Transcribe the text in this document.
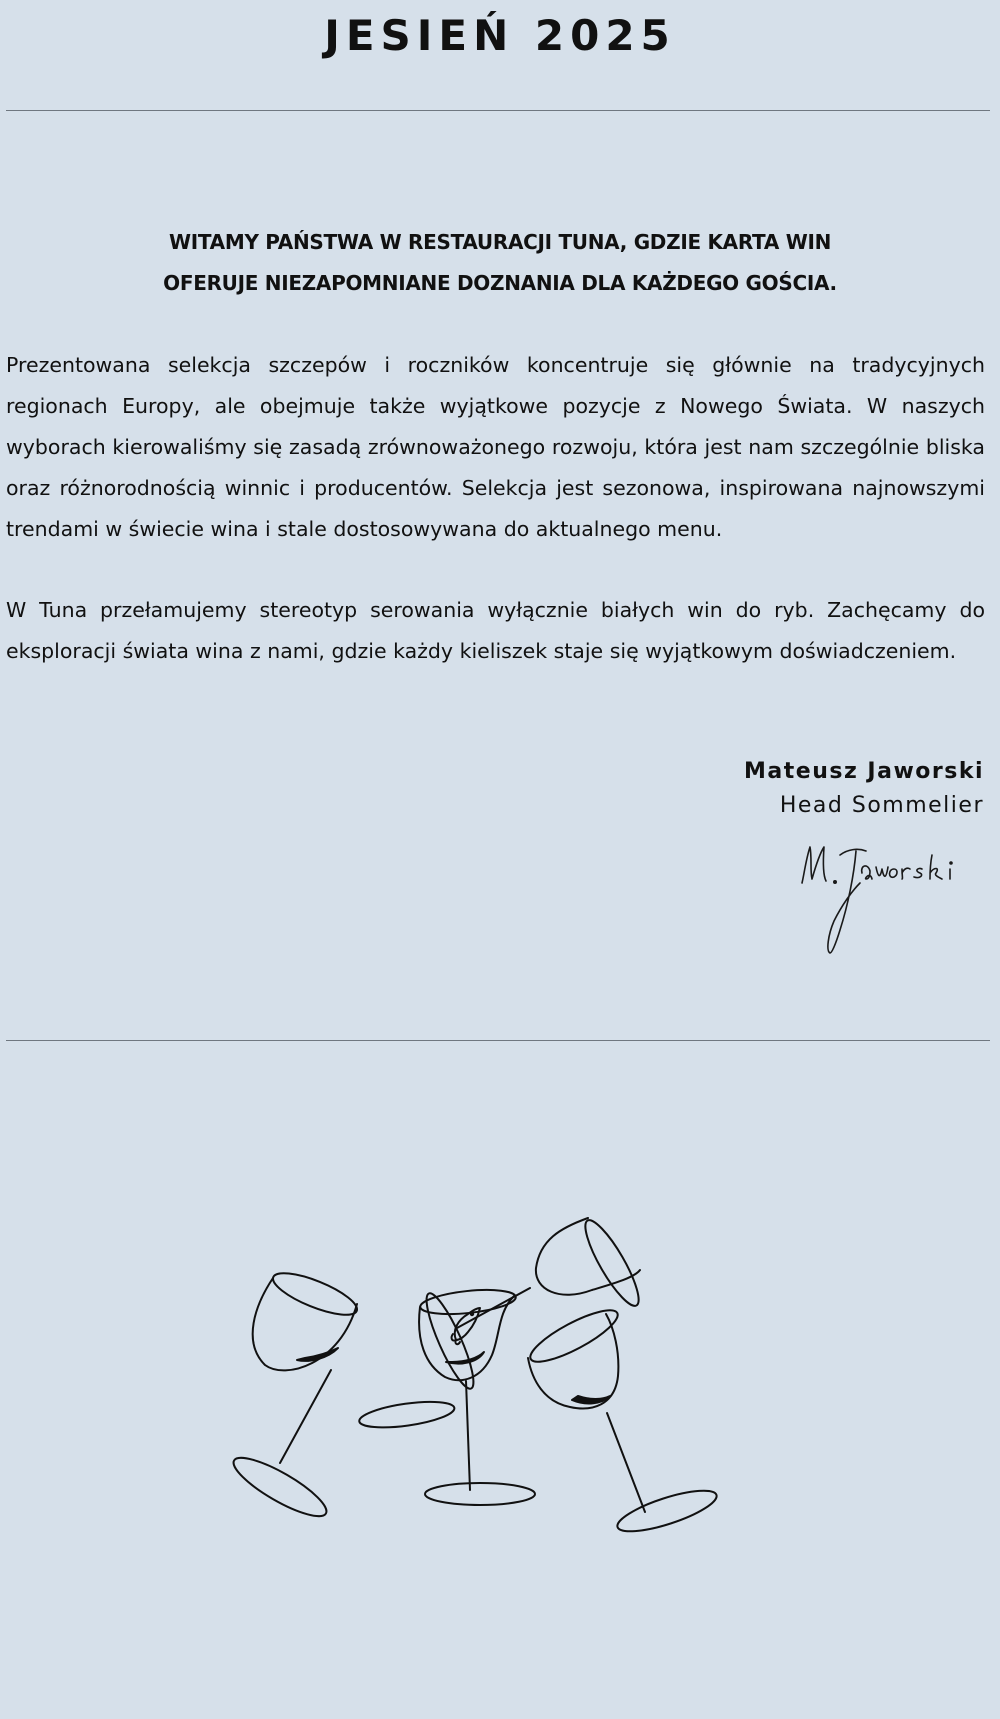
JESIEŃ 2025
WITAMY PAŃSTWA W RESTAURACJI TUNA, GDZIE KARTA WIN
OFERUJE NIEZAPOMNIANE DOZNANIA DLA KAŻDEGO GOŚCIA.

Prezentowana selekcja szczepów i roczników koncentruje się głównie na tradycyjnych regionach Europy, ale obejmuje także wyjątkowe pozycje z Nowego Świata. W naszych wyborach kierowaliśmy się zasadą zrównoważonego rozwoju, która jest nam szczególnie bliska oraz różnorodnością winnic i producentów. Selekcja jest sezonowa, inspirowana najnowszymi trendami w świecie wina i stale dostosowywana do aktualnego menu.

W Tuna przełamujemy stereotyp serowania wyłącznie białych win do ryb. Zachęcamy do eksploracji świata wina z nami, gdzie każdy kieliszek staje się wyjątkowym doświadczeniem.

Mateusz Jaworski
Head Sommelier
